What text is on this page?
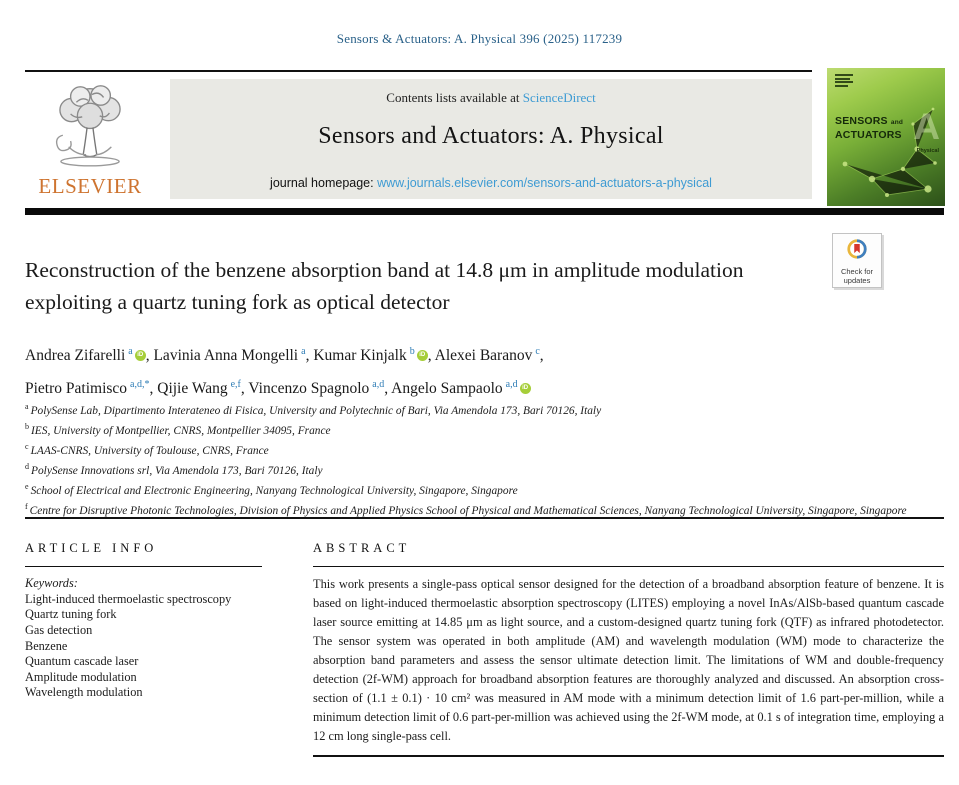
Sensors & Actuators: A. Physical 396 (2025) 117239
ELSEVIER
Contents lists available at ScienceDirect
Sensors and Actuators: A. Physical
journal homepage: www.journals.elsevier.com/sensors-and-actuators-a-physical
SENSORS and
ACTUATORS A
Physical
Reconstruction of the benzene absorption band at 14.8 μm in amplitude modulation exploiting a quartz tuning fork as optical detector
Check for updates
Andrea Zifarelli $^a$ iD , Lavinia Anna Mongelli $^a$, Kumar Kinjalk $^b$ iD , Alexei Baranov $^c$,
Pietro Patimisco $^{a,d,*}$, Qijie Wang $^{e,f}$, Vincenzo Spagnolo $^{a,d}$, Angelo Sampaolo $^{a,d}$ iD
$^a$ PolySense Lab, Dipartimento Interateneo di Fisica, University and Polytechnic of Bari, Via Amendola 173, Bari 70126, Italy
$^b$ IES, University of Montpellier, CNRS, Montpellier 34095, France
$^c$ LAAS-CNRS, University of Toulouse, CNRS, France
$^d$ PolySense Innovations srl, Via Amendola 173, Bari 70126, Italy
$^e$ School of Electrical and Electronic Engineering, Nanyang Technological University, Singapore, Singapore
$^f$ Centre for Disruptive Photonic Technologies, Division of Physics and Applied Physics School of Physical and Mathematical Sciences, Nanyang Technological University, Singapore, Singapore
ARTICLE INFO
Keywords:
Light-induced thermoelastic spectroscopy
Quartz tuning fork
Gas detection
Benzene
Quantum cascade laser
Amplitude modulation
Wavelength modulation
ABSTRACT

This work presents a single-pass optical sensor designed for the detection of a broadband absorption feature of benzene. It is based on light-induced thermoelastic absorption spectroscopy (LITES) employing a novel InAs/AlSb-based quantum cascade laser source emitting at 14.85 μm as light source, and a custom-designed quartz tuning fork (QTF) as infrared photodetector. The sensor system was operated in both amplitude (AM) and wavelength modulation (WM) mode to characterize the absorption band parameters and assess the sensor ultimate detection limit. The limitations of WM and double-frequency detection (2f-WM) approach for broadband absorption features are thoroughly analyzed and discussed. An absorption cross-section of (1.1 ± 0.1) · 10 cm² was measured in AM mode with a minimum detection limit of 1.6 part-per-million, while a minimum detection limit of 0.6 part-per-million was achieved using the 2f-WM mode, at 0.1 s of integration time, employing a 12 cm long single-pass cell.
